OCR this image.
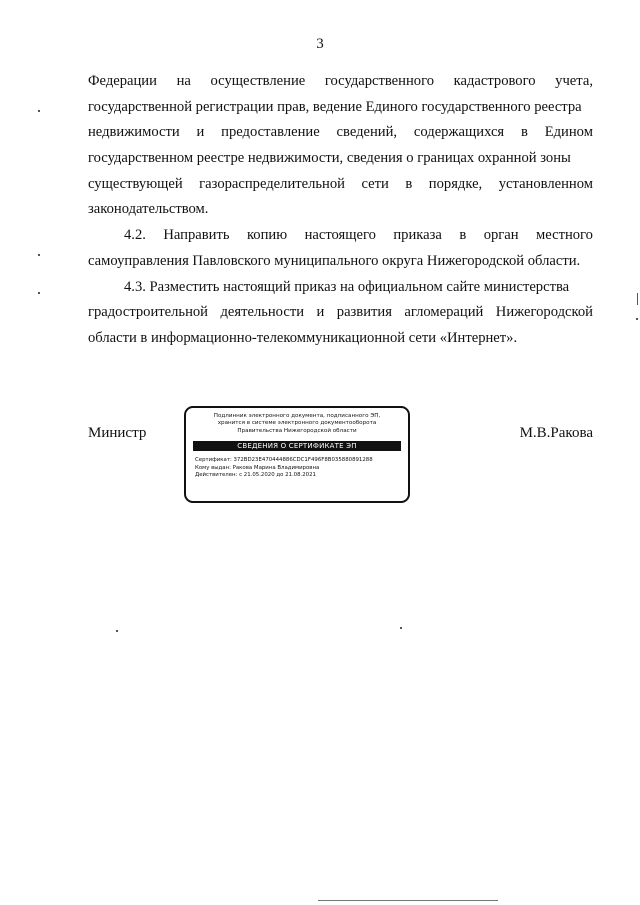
3
Федерации на осуществление государственного кадастрового учета,
государственной регистрации прав, ведение Единого государственного реестра
недвижимости и предоставление сведений, содержащихся в Едином
государственном реестре недвижимости, сведения о границах охранной зоны
существующей газораспределительной сети в порядке, установленном
законодательством.
4.2. Направить копию настоящего приказа в орган местного
самоуправления Павловского муниципального округа Нижегородской области.
4.3. Разместить настоящий приказ на официальном сайте министерства
градостроительной деятельности и развития агломераций Нижегородской
области в информационно-телекоммуникационной сети «Интернет».
Министр	М.В.Ракова
Подлинник электронного документа, подписанного ЭП,
хранится в системе электронного документооборота
Правительства Нижегородской области
СВЕДЕНИЯ О СЕРТИФИКАТЕ ЭП
Сертификат: 372BD23E470444886CDC1F496F8B035880891288
Кому выдан: Ракова Марина Владимировна
Действителен: с 21.05.2020 до 21.08.2021
